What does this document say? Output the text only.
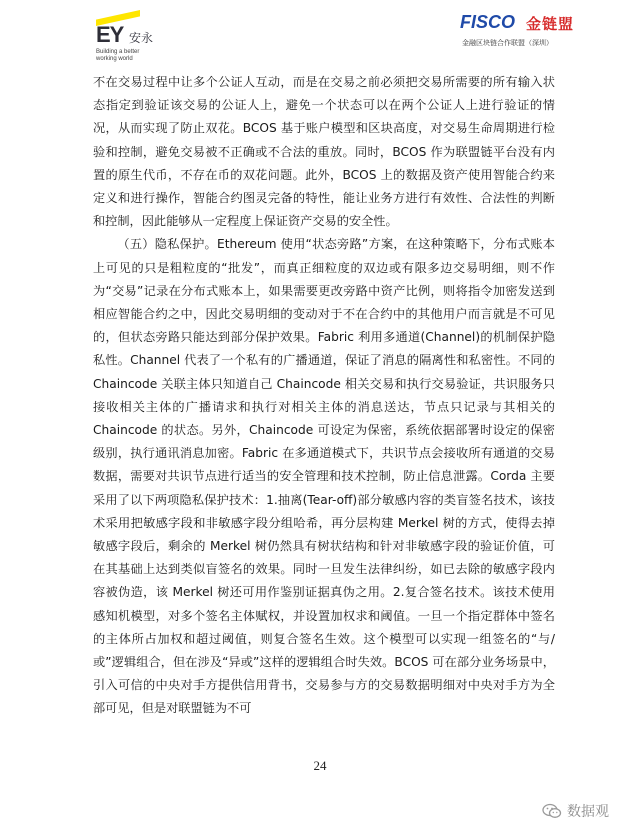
EY 安永
Building a better working world
FISCO 金链盟
金融区块链合作联盟（深圳）

不在交易过程中让多个公证人互动，而是在交易之前必须把交易所需要的所有输入状态指定到验证该交易的公证人上，避免一个状态可以在两个公证人上进行验证的情况，从而实现了防止双花。BCOS 基于账户模型和区块高度，对交易生命周期进行检验和控制，避免交易被不正确或不合法的重放。同时，BCOS 作为联盟链平台没有内置的原生代币，不存在币的双花问题。此外，BCOS 上的数据及资产使用智能合约来定义和进行操作，智能合约图灵完备的特性，能让业务方进行有效性、合法性的判断和控制，因此能够从一定程度上保证资产交易的安全性。

（五）隐私保护。Ethereum 使用“状态旁路”方案，在这种策略下，分布式账本上可见的只是粗粒度的“批发”，而真正细粒度的双边或有限多边交易明细，则不作为“交易”记录在分布式账本上，如果需要更改旁路中资产比例，则将指令加密发送到相应智能合约之中，因此交易明细的变动对于不在合约中的其他用户而言就是不可见的，但状态旁路只能达到部分保护效果。Fabric 利用多通道(Channel)的机制保护隐私性。Channel 代表了一个私有的广播通道，保证了消息的隔离性和私密性。不同的 Chaincode 关联主体只知道自己 Chaincode 相关交易和执行交易验证，共识服务只接收相关主体的广播请求和执行对相关主体的消息送达，节点只记录与其相关的 Chaincode 的状态。另外，Chaincode 可设定为保密，系统依据部署时设定的保密级别，执行通讯消息加密。Fabric 在多通道模式下，共识节点会接收所有通道的交易数据，需要对共识节点进行适当的安全管理和技术控制，防止信息泄露。Corda 主要采用了以下两项隐私保护技术：1.抽离(Tear-off)部分敏感内容的类盲签名技术，该技术采用把敏感字段和非敏感字段分组哈希，再分层构建 Merkel 树的方式，使得去掉敏感字段后，剩余的 Merkel 树仍然具有树状结构和针对非敏感字段的验证价值，可在其基础上达到类似盲签名的效果。同时一旦发生法律纠纷，如已去除的敏感字段内容被伪造，该 Merkel 树还可用作鉴别证据真伪之用。2.复合签名技术。该技术使用感知机模型，对多个签名主体赋权，并设置加权求和阈值。一旦一个指定群体中签名的主体所占加权和超过阈值，则复合签名生效。这个模型可以实现一组签名的“与/或”逻辑组合，但在涉及“异或”这样的逻辑组合时失效。BCOS 可在部分业务场景中，引入可信的中央对手方提供信用背书，交易参与方的交易数据明细对中央对手方为全部可见，但是对联盟链为不可

24
数据观
